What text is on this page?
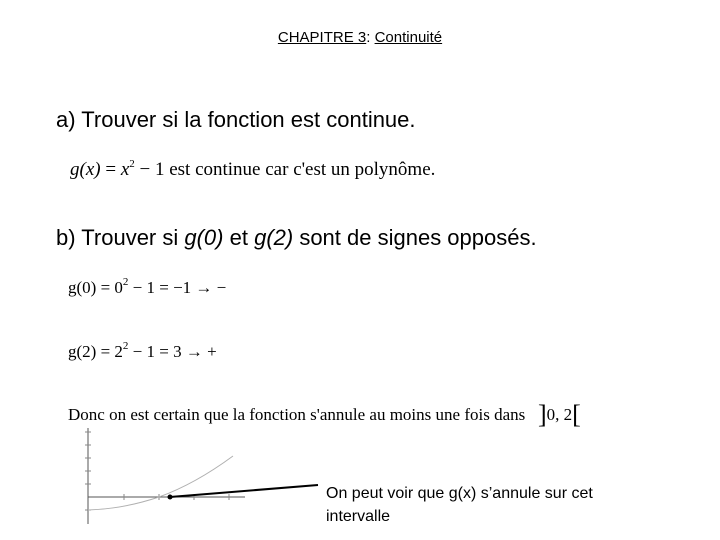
CHAPITRE 3: Continuité
a) Trouver si la fonction est continue.
$g(x) = x^2 - 1$ est continue car c'est un polynôme.
b) Trouver si g(0) et g(2) sont de signes opposés.
$g(0) = 0^2 - 1 = -1$ → −
$g(2) = 2^2 - 1 = 3$ → +
Donc on est certain que la fonction s'annule au moins une fois dans ]0, 2[
On peut voir que g(x) s’annule sur cet intervalle
